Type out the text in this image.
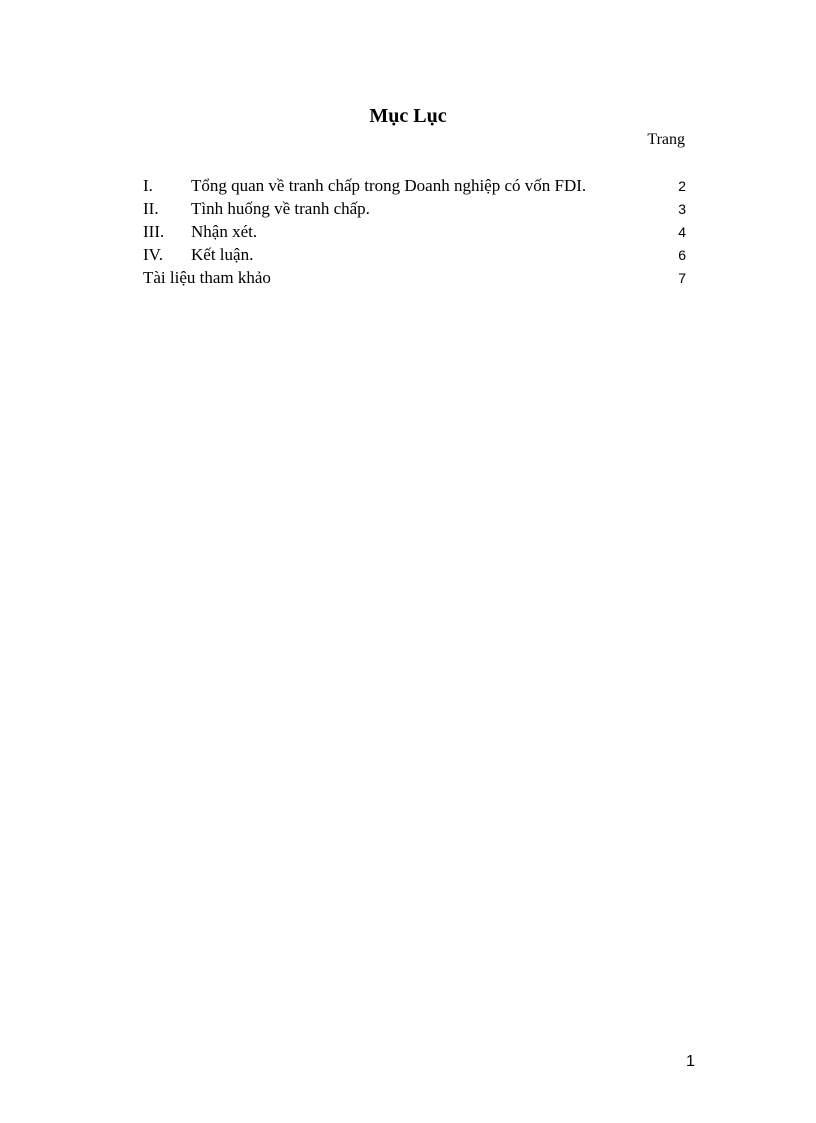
Mục Lục
Trang
I. Tổng quan về tranh chấp trong Doanh nghiệp có vốn FDI.	2
II. Tình huống về tranh chấp.	3
III. Nhận xét.	4
IV. Kết luận.	6
Tài liệu tham khảo	7
1
